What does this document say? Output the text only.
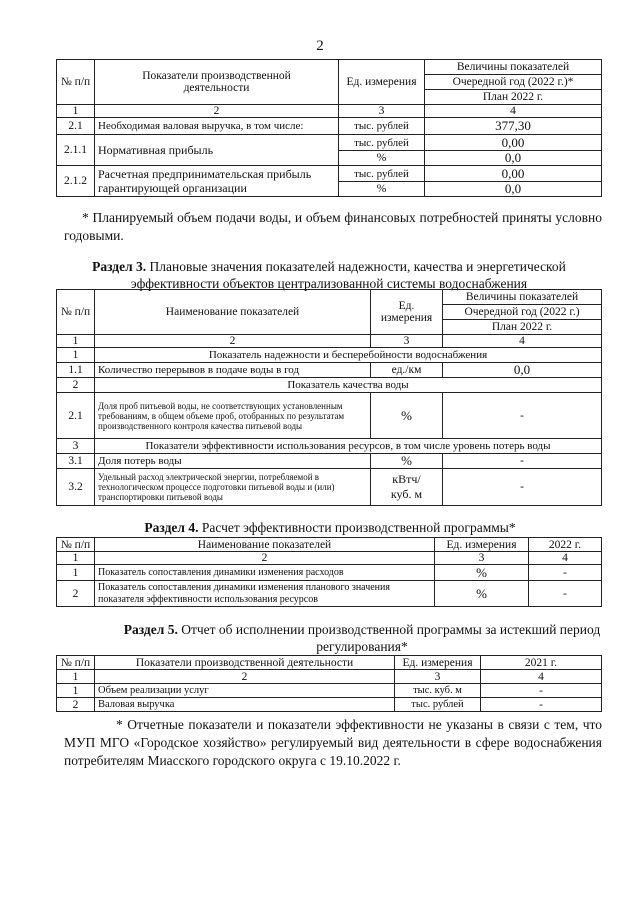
2
№ п/п	Показатели производственной деятельности	Ед. измерения	Величины показателей
			Очередной год (2022 г.)*
			План 2022 г.
1	2	3	4
2.1	Необходимая валовая выручка, в том числе:	тыс. рублей	377,30
2.1.1	Нормативная прибыль	тыс. рублей	0,00
		%	0,0
2.1.2	Расчетная предпринимательская прибыль гарантирующей организации	тыс. рублей	0,00
		%	0,0
* Планируемый объем подачи воды, и объем финансовых потребностей приняты условно годовыми.
Раздел 3. Плановые значения показателей надежности, качества и энергетической эффективности объектов централизованной системы водоснабжения
№ п/п	Наименование показателей	Ед. измерения	Величины показателей
			Очередной год (2022 г.)
			План 2022 г.
1	2	3	4
1	Показатель надежности и бесперебойности водоснабжения		
1.1	Количество перерывов в подаче воды в год	ед./км	0,0
2	Показатель качества воды		
2.1	Доля проб питьевой воды, не соответствующих установленным требованиям, в общем объеме проб, отобранных по результатам производственного контроля качества питьевой воды	%	-
3	Показатели эффективности использования ресурсов, в том числе уровень потерь воды		
3.1	Доля потерь воды	%	-
3.2	Удельный расход электрической энергии, потребляемой в технологическом процессе подготовки питьевой воды и (или) транспортировки питьевой воды	кВтч/ куб. м	-
Раздел 4. Расчет эффективности производственной программы*
№ п/п	Наименование показателей	Ед. измерения	2022 г.
1	2	3	4
1	Показатель сопоставления динамики изменения расходов	%	-
2	Показатель сопоставления динамики изменения планового значения показателя эффективности использования ресурсов	%	-
Раздел 5. Отчет об исполнении производственной программы за истекший период регулирования*
№ п/п	Показатели производственной деятельности	Ед. измерения	2021 г.
1	2	3	4
1	Объем реализации услуг	тыс. куб. м	-
2	Валовая выручка	тыс. рублей	-
* Отчетные показатели и показатели эффективности не указаны в связи с тем, что МУП МГО «Городское хозяйство» регулируемый вид деятельности в сфере водоснабжения потребителям Миасского городского округа с 19.10.2022 г.
